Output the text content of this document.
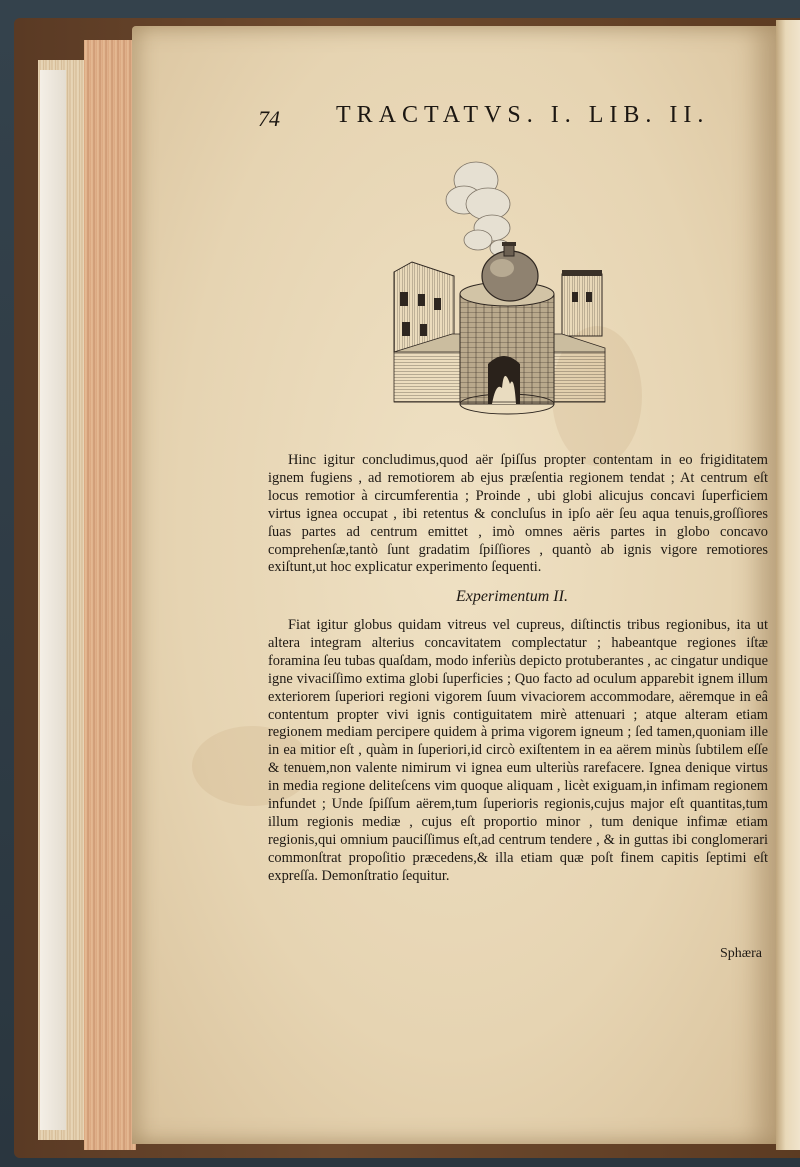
74 TRACTATVS. I. LIB. II.

Hinc igitur concludimus,quod aër ſpiſſus propter contentam in eo frigiditatem ignem fugiens , ad remotiorem ab ejus præſentia regionem tendat ; At centrum eſt locus remotior à circumferentia ; Proinde , ubi globi alicujus concavi ſuperficiem virtus ignea occupat , ibi retentus & concluſus in ipſo aër ſeu aqua tenuis,groſſiores ſuas partes ad centrum emittet , imò omnes aëris partes in globo concavo comprehenſæ,tantò ſunt gradatim ſpiſſiores , quantò ab ignis vigore remotiores exiſtunt,ut hoc explicatur experimento ſequenti.

Experimentum II.

Fiat igitur globus quidam vitreus vel cupreus, diſtinctis tribus regionibus, ita ut altera integram alterius concavitatem complectatur ; habeantque regiones iſtæ foramina ſeu tubas quaſdam, modo inferiùs depicto protuberantes , ac cingatur undique igne vivaciſſimo extima globi ſuperficies ; Quo facto ad oculum apparebit ignem illum exteriorem ſuperiori regioni vigorem ſuum vivaciorem accommodare, aëremque in eâ contentum propter vivi ignis contiguitatem mirè attenuari ; atque alteram etiam regionem mediam percipere quidem à prima vigorem igneum ; ſed tamen,quoniam ille in ea mitior eſt , quàm in ſuperiori,id circò exiſtentem in ea aërem minùs ſubtilem eſſe & tenuem,non valente nimirum vi ignea eum ulteriùs rarefacere. Ignea denique virtus in media regione deliteſcens vim quoque aliquam , licèt exiguam,in infimam regionem infundet ; Unde ſpiſſum aërem,tum ſuperioris regionis,cujus major eſt quantitas,tum illum regionis mediæ , cujus eſt proportio minor , tum denique infimæ etiam regionis,qui omnium pauciſſimus eſt,ad centrum tendere , & in guttas ibi conglomerari commonſtrat propoſitio præcedens,& illa etiam quæ poſt finem capitis ſeptimi eſt expreſſa. Demonſtratio ſequitur.

Sphæra
